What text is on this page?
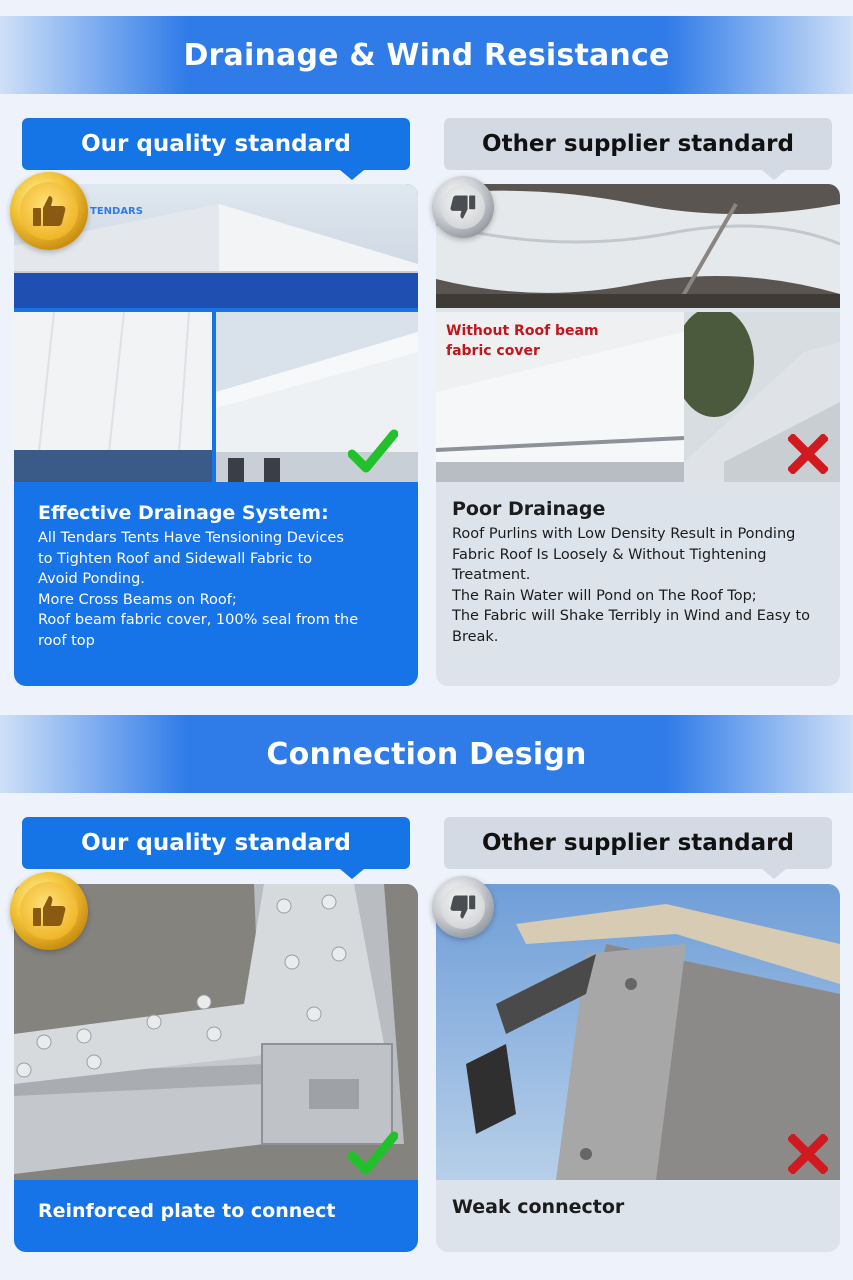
Drainage & Wind Resistance
Our quality standard	Other supplier standard
TENDARS
Effective Drainage System:
All Tendars Tents Have Tensioning Devices
to Tighten Roof and Sidewall Fabric to
Avoid Ponding.
More Cross Beams on Roof;
Roof beam fabric cover, 100% seal from the
roof top
Without Roof beam
fabric cover
Poor Drainage
Roof Purlins with Low Density Result in Ponding
Fabric Roof Is Loosely & Without Tightening
Treatment.
The Rain Water will Pond on The Roof Top;
The Fabric will Shake Terribly in Wind and Easy to
Break.
Connection Design
Our quality standard	Other supplier standard
Reinforced plate to connect	Weak connector
